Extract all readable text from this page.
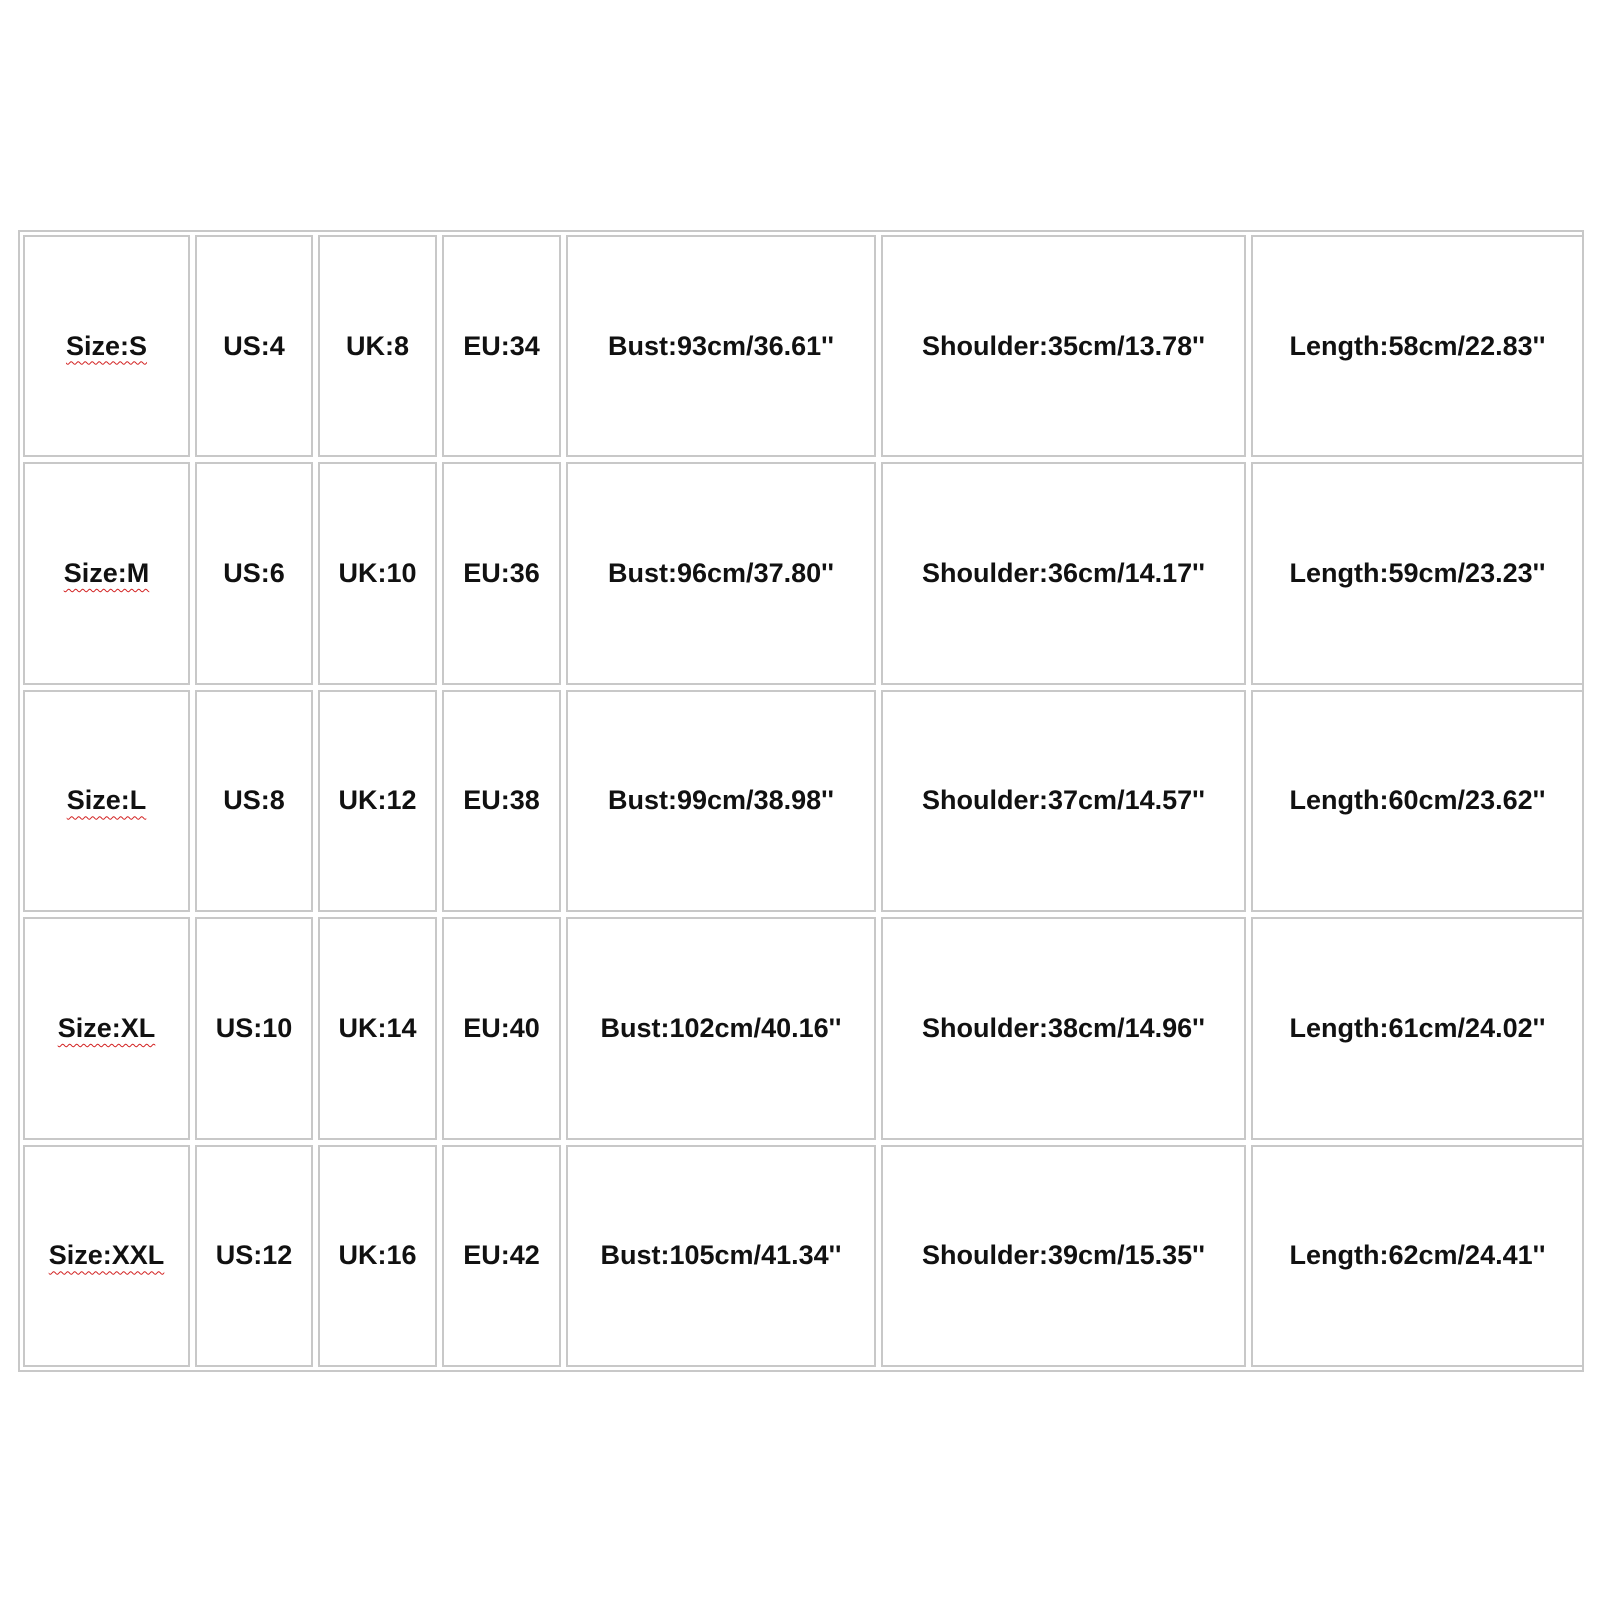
Size:S	US:4	UK:8	EU:34	Bust:93cm/36.61''	Shoulder:35cm/13.78''	Length:58cm/22.83''
Size:M	US:6	UK:10	EU:36	Bust:96cm/37.80''	Shoulder:36cm/14.17''	Length:59cm/23.23''
Size:L	US:8	UK:12	EU:38	Bust:99cm/38.98''	Shoulder:37cm/14.57''	Length:60cm/23.62''
Size:XL	US:10	UK:14	EU:40	Bust:102cm/40.16''	Shoulder:38cm/14.96''	Length:61cm/24.02''
Size:XXL	US:12	UK:16	EU:42	Bust:105cm/41.34''	Shoulder:39cm/15.35''	Length:62cm/24.41''
